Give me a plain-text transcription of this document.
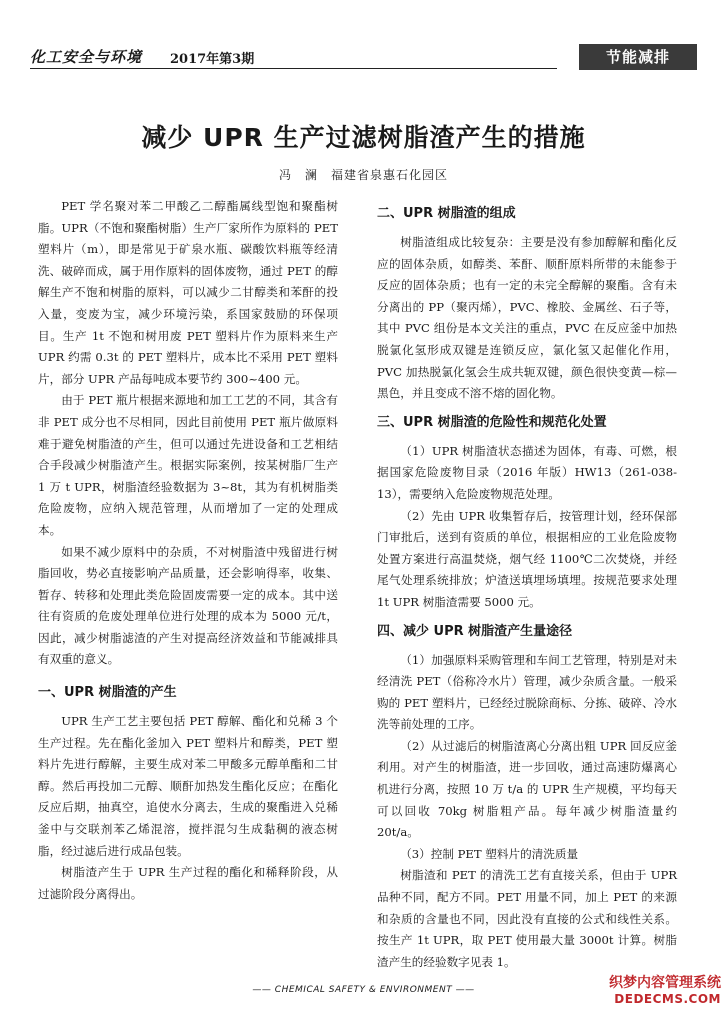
化工安全与环境 2017年第3期	节能减排
减少 UPR 生产过滤树脂渣产生的措施
冯　澜　福建省泉惠石化园区

PET 学名聚对苯二甲酸乙二醇酯属线型饱和聚酯树脂。UPR（不饱和聚酯树脂）生产厂家所作为原料的 PET 塑料片（m），即是常见于矿泉水瓶、碳酸饮料瓶等经清洗、破碎而成，属于用作原料的固体废物，通过 PET 的醇解生产不饱和树脂的原料，可以减少二甘醇类和苯酐的投入量，变废为宝，减少环境污染，系国家鼓励的环保项目。生产 1t 不饱和树用废 PET 塑料片作为原料来生产 UPR 约需 0.3t 的 PET 塑料片，成本比不采用 PET 塑料片，部分 UPR 产品每吨成本要节约 300~400 元。

由于 PET 瓶片根据来源地和加工工艺的不同，其含有非 PET 成分也不尽相同，因此目前使用 PET 瓶片做原料难于避免树脂渣的产生，但可以通过先进设备和工艺相结合手段减少树脂渣产生。根据实际案例，按某树脂厂生产 1 万 t UPR，树脂渣经验数据为 3~8t，其为有机树脂类危险废物，应纳入规范管理，从而增加了一定的处理成本。

如果不减少原料中的杂质，不对树脂渣中残留进行树脂回收，势必直接影响产品质量，还会影响得率，收集、暂存、转移和处理此类危险固废需要一定的成本。其中送往有资质的危废处理单位进行处理的成本为 5000 元/t，因此，减少树脂滤渣的产生对提高经济效益和节能减排具有双重的意义。

一、UPR 树脂渣的产生

UPR 生产工艺主要包括 PET 醇解、酯化和兑稀 3 个生产过程。先在酯化釜加入 PET 塑料片和醇类，PET 塑料片先进行醇解，主要生成对苯二甲酸多元醇单酯和二甘醇。然后再投加二元醇、顺酐加热发生酯化反应；在酯化反应后期，抽真空，追使水分离去，生成的聚酯进入兑稀釜中与交联剂苯乙烯混溶，搅拌混匀生成黏稠的液态树脂，经过滤后进行成品包装。

树脂渣产生于 UPR 生产过程的酯化和稀释阶段，从过滤阶段分离得出。

二、UPR 树脂渣的组成

树脂渣组成比较复杂：主要是没有参加醇解和酯化反应的固体杂质，如醇类、苯酐、顺酐原料所带的未能参于反应的固体杂质；也有一定的未完全醇解的聚酯。含有未分离出的 PP（聚丙烯），PVC、橡胶、金属丝、石子等，其中 PVC 组份是本文关注的重点，PVC 在反应釜中加热脱氯化氢形成双键是连锁反应，氯化氢又起催化作用，PVC 加热脱氯化氢会生成共轭双键，颜色很快变黄—棕—黑色，并且变成不溶不熔的固化物。

三、UPR 树脂渣的危险性和规范化处置

（1）UPR 树脂渣状态描述为固体，有毒、可燃，根据国家危险废物目录（2016 年版）HW13（261-038-13），需要纳入危险废物规范处理。

（2）先由 UPR 收集暂存后，按管理计划，经环保部门审批后，送到有资质的单位，根据相应的工业危险废物处置方案进行高温焚烧，烟气经 1100℃二次焚烧，并经尾气处理系统排放；炉渣送填埋场填埋。按规范要求处理 1t UPR 树脂渣需要 5000 元。

四、减少 UPR 树脂渣产生量途径

（1）加强原料采购管理和车间工艺管理，特别是对未经清洗 PET（俗称冷水片）管理，减少杂质含量。一般采购的 PET 塑料片，已经经过脱除商标、分拣、破碎、冷水洗等前处理的工序。

（2）从过滤后的树脂渣离心分离出粗 UPR 回反应釜利用。对产生的树脂渣，进一步回收，通过高速防爆离心机进行分离，按照 10 万 t/a 的 UPR 生产规模，平均每天可以回收 70kg 树脂粗产品。每年减少树脂渣量约 20t/a。

（3）控制 PET 塑料片的清洗质量

树脂渣和 PET 的清洗工艺有直接关系，但由于 UPR 品种不同，配方不同。PET 用量不同，加上 PET 的来源和杂质的含量也不同，因此没有直接的公式和线性关系。按生产 1t UPR，取 PET 使用最大量 3000t 计算。树脂渣产生的经验数字见表 1。

—— CHEMICAL SAFETY & ENVIRONMENT ——	织梦内容管理系统
DEDECMS.COM
